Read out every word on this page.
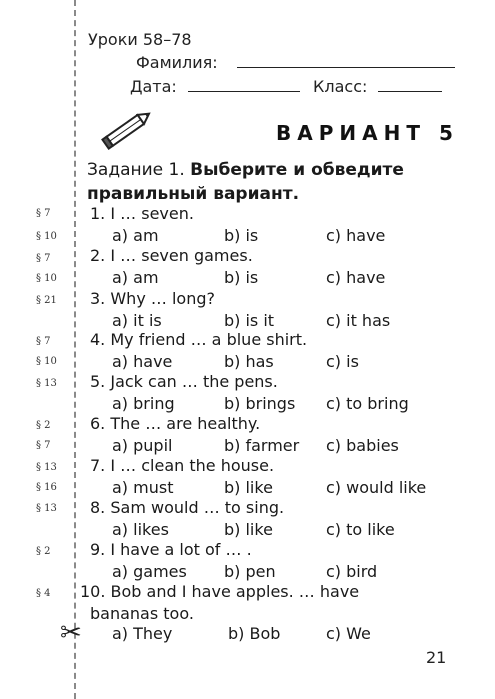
§ 7
§ 10
§ 7
§ 10
§ 21
§ 7
§ 10
§ 13
§ 2
§ 7
§ 13
§ 16
§ 13
§ 2
§ 4
Уроки 58–78
Фамилия:
Дата:	Класс:
ВАРИАНТ 5
Задание 1. Выберите и обведите правильный вариант.
1. I … seven.
a) am	b) is	c) have
2. I … seven games.
a) am	b) is	c) have
3. Why … long?
a) it is	b) is it	c) it has
4. My friend … a blue shirt.
a) have	b) has	c) is
5. Jack can … the pens.
a) bring	b) brings c) to bring
6. The … are healthy.
a) pupil	b) farmer c) babies
7. I … clean the house.
a) must	b) like	c) would like
8. Sam would … to sing.
a) likes	b) like	c) to like
9. I have a lot of … .
a) games b) pen	c) bird
10. Bob and I have apples. … have
bananas too.
a) They	b) Bob	c) We
✂
21
